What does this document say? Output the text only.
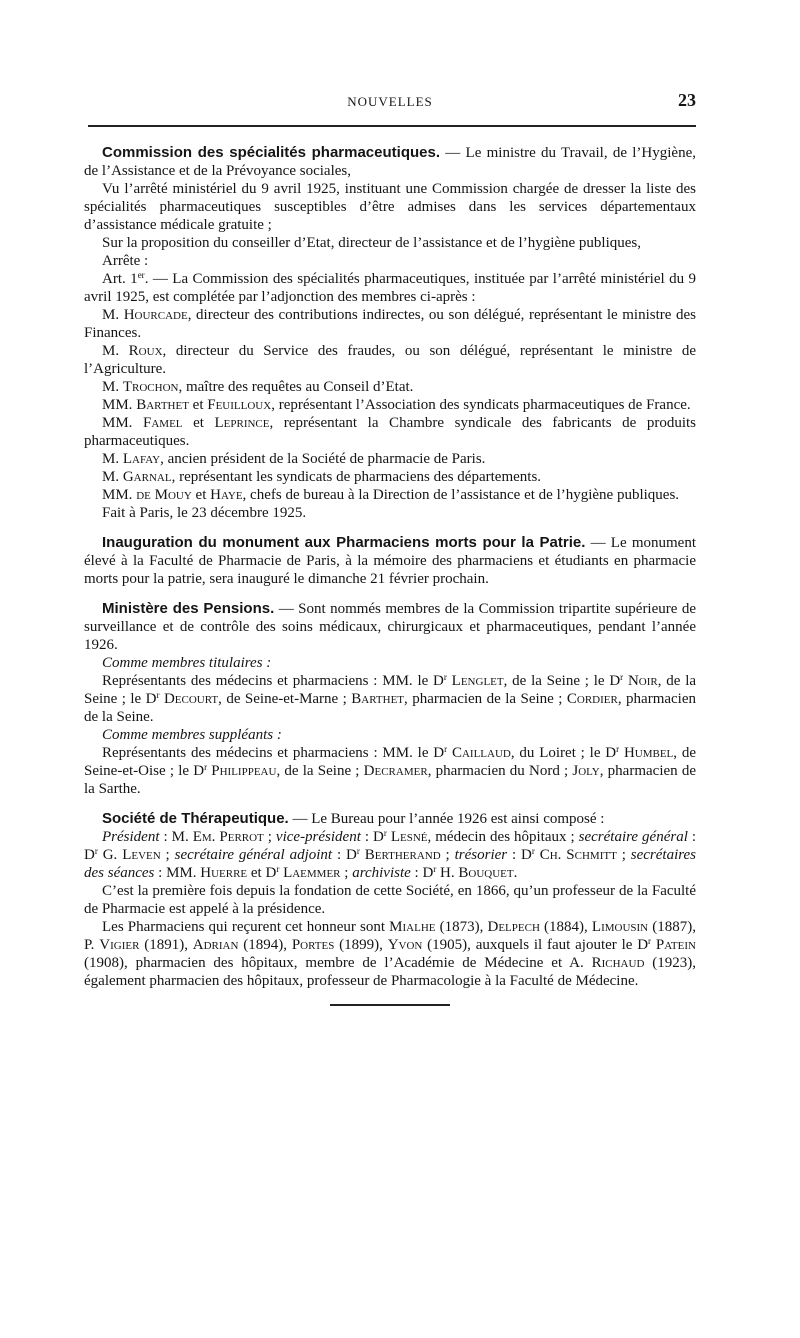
NOUVELLES	23

Commission des spécialités pharmaceutiques. — Le ministre du Travail, de l’Hygiène, de l’Assistance et de la Prévoyance sociales,

Vu l’arrêté ministériel du 9 avril 1925, instituant une Commission chargée de dresser la liste des spécialités pharmaceutiques susceptibles d’être admises dans les services départementaux d’assistance médicale gratuite ;

Sur la proposition du conseiller d’Etat, directeur de l’assistance et de l’hygiène publiques,

Arrête :

Art. 1er. — La Commission des spécialités pharmaceutiques, instituée par l’arrêté ministériel du 9 avril 1925, est complétée par l’adjonction des membres ci-après :

M. Hourcade, directeur des contributions indirectes, ou son délégué, représentant le ministre des Finances.

M. Roux, directeur du Service des fraudes, ou son délégué, représentant le ministre de l’Agriculture.

M. Trochon, maître des requêtes au Conseil d’Etat.

MM. Barthet et Feuilloux, représentant l’Association des syndicats pharmaceutiques de France.

MM. Famel et Leprince, représentant la Chambre syndicale des fabricants de produits pharmaceutiques.

M. Lafay, ancien président de la Société de pharmacie de Paris.

M. Garnal, représentant les syndicats de pharmaciens des départements.

MM. de Mouy et Haye, chefs de bureau à la Direction de l’assistance et de l’hygiène publiques.

Fait à Paris, le 23 décembre 1925.

Inauguration du monument aux Pharmaciens morts pour la Patrie. — Le monument élevé à la Faculté de Pharmacie de Paris, à la mémoire des pharmaciens et étudiants en pharmacie morts pour la patrie, sera inauguré le dimanche 21 février prochain.

Ministère des Pensions. — Sont nommés membres de la Commission tripartite supérieure de surveillance et de contrôle des soins médicaux, chirurgicaux et pharmaceutiques, pendant l’année 1926.

Comme membres titulaires :

Représentants des médecins et pharmaciens : MM. le $D^r$ Lenglet, de la Seine ; le $D^r$ Noir, de la Seine ; le $D^r$ Decourt, de Seine-et-Marne ; Barthet, pharmacien de la Seine ; Cordier, pharmacien de la Seine.

Comme membres suppléants :

Représentants des médecins et pharmaciens : MM. le $D^r$ Caillaud, du Loiret ; le $D^r$ Humbel, de Seine-et-Oise ; le $D^r$ Philippeau, de la Seine ; Decramer, pharmacien du Nord ; Joly, pharmacien de la Sarthe.

Société de Thérapeutique. — Le Bureau pour l’année 1926 est ainsi composé :

Président : M. Em. Perrot ; vice-président : $D^r$ Lesné, médecin des hôpitaux ; secrétaire général : $D^r$ G. Leven ; secrétaire général adjoint : $D^r$ Bertherand ; trésorier : $D^r$ Ch. Schmitt ; secrétaires des séances : MM. Huerre et $D^r$ Laemmer ; archiviste : $D^r$ H. Bouquet.

C’est la première fois depuis la fondation de cette Société, en 1866, qu’un professeur de la Faculté de Pharmacie est appelé à la présidence.

Les Pharmaciens qui reçurent cet honneur sont Mialhe (1873), Delpech (1884), Limousin (1887), P. Vigier (1891), Adrian (1894), Portes (1899), Yvon (1905), auxquels il faut ajouter le $D^r$ Patein (1908), pharmacien des hôpitaux, membre de l’Académie de Médecine et A. Richaud (1923), également pharmacien des hôpitaux, professeur de Pharmacologie à la Faculté de Médecine.
